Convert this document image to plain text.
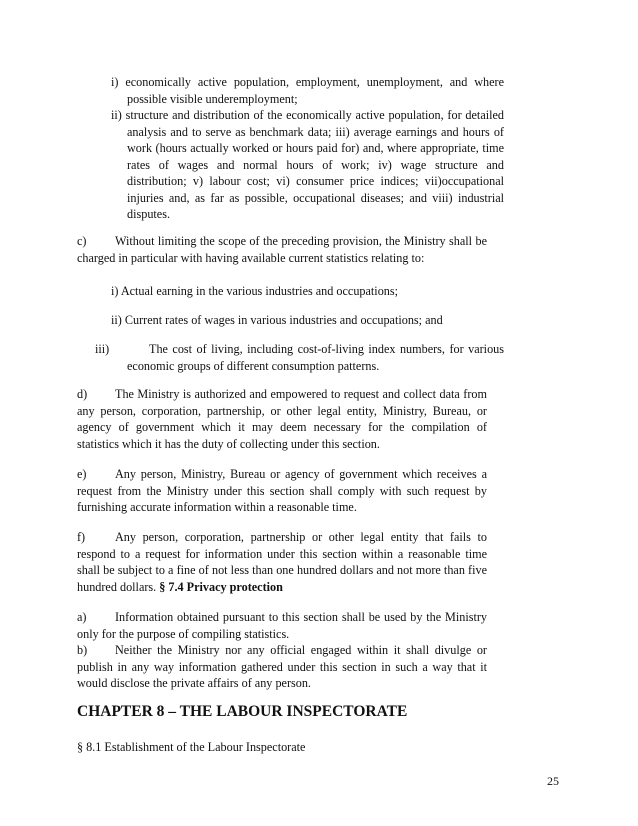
i) economically active population, employment, unemployment, and where possible visible underemployment;

ii) structure and distribution of the economically active population, for detailed analysis and to serve as benchmark data; iii) average earnings and hours of work (hours actually worked or hours paid for) and, where appropriate, time rates of wages and normal hours of work; iv) wage structure and distribution; v) labour cost; vi) consumer price indices; vii)occupational injuries and, as far as possible, occupational diseases; and viii) industrial disputes.

c) Without limiting the scope of the preceding provision, the Ministry shall be charged in particular with having available current statistics relating to:

i) Actual earning in the various industries and occupations;

ii) Current rates of wages in various industries and occupations; and

iii)	The cost of living, including cost-of-living index numbers, for various economic groups of different consumption patterns.

d) The Ministry is authorized and empowered to request and collect data from any person, corporation, partnership, or other legal entity, Ministry, Bureau, or agency of government which it may deem necessary for the compilation of statistics which it has the duty of collecting under this section.

e) Any person, Ministry, Bureau or agency of government which receives a request from the Ministry under this section shall comply with such request by furnishing accurate information within a reasonable time.

f) Any person, corporation, partnership or other legal entity that fails to respond to a request for information under this section within a reasonable time shall be subject to a fine of not less than one hundred dollars and not more than five hundred dollars. § 7.4 Privacy protection

a) Information obtained pursuant to this section shall be used by the Ministry only for the purpose of compiling statistics.

b) Neither the Ministry nor any official engaged within it shall divulge or publish in any way information gathered under this section in such a way that it would disclose the private affairs of any person.

CHAPTER 8 – THE LABOUR INSPECTORATE

§ 8.1 Establishment of the Labour Inspectorate

25
